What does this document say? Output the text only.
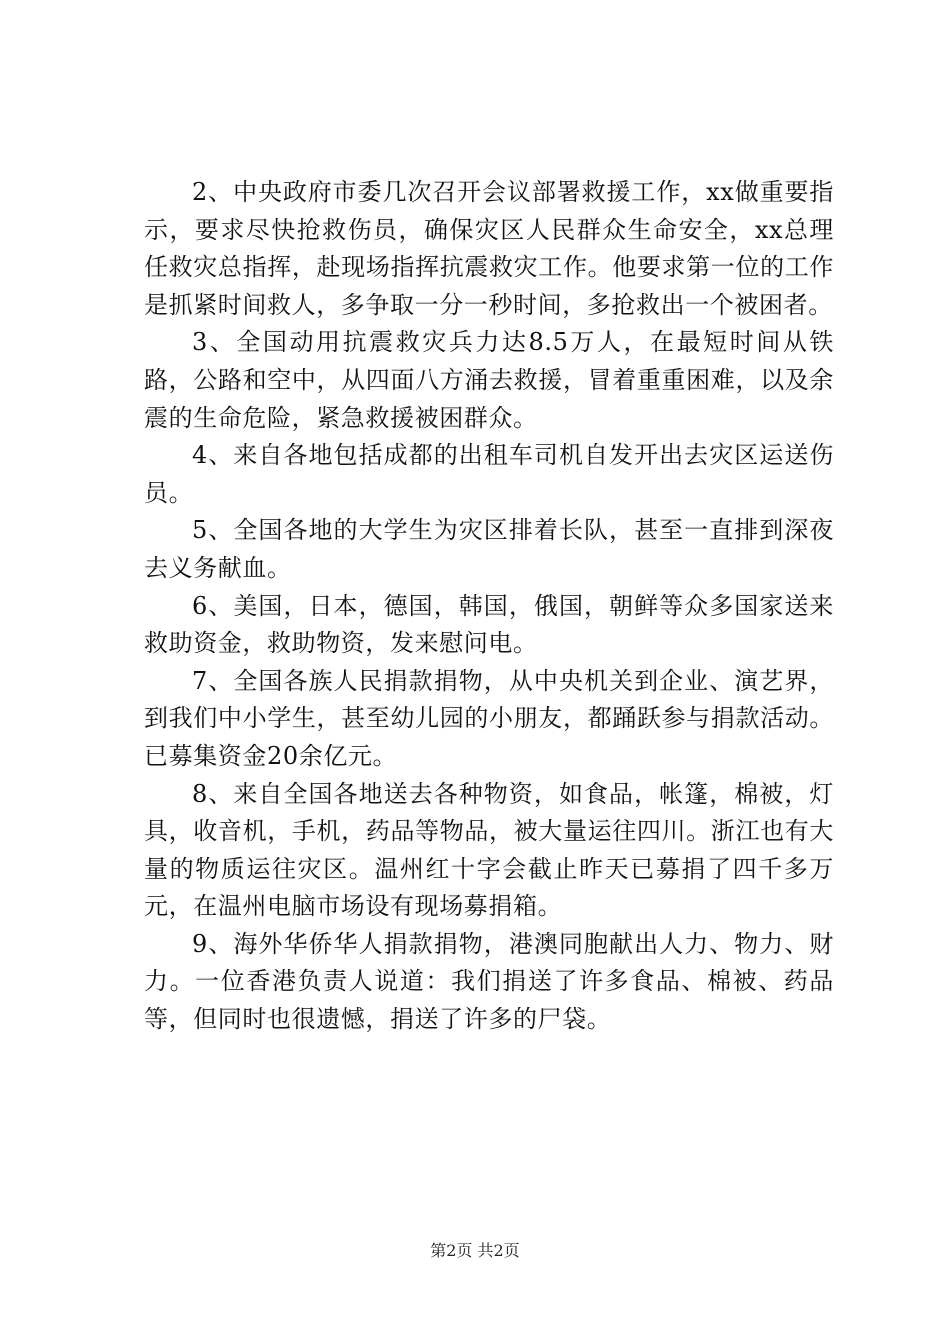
2、中央政府市委几次召开会议部署救援工作，xx做重要指示，要求尽快抢救伤员，确保灾区人民群众生命安全，xx总理任救灾总指挥，赴现场指挥抗震救灾工作。他要求第一位的工作是抓紧时间救人，多争取一分一秒时间，多抢救出一个被困者。

3、全国动用抗震救灾兵力达8.5万人，在最短时间从铁路，公路和空中，从四面八方涌去救援，冒着重重困难，以及余震的生命危险，紧急救援被困群众。

4、来自各地包括成都的出租车司机自发开出去灾区运送伤员。

5、全国各地的大学生为灾区排着长队，甚至一直排到深夜去义务献血。

6、美国，日本，德国，韩国，俄国，朝鲜等众多国家送来救助资金，救助物资，发来慰问电。

7、全国各族人民捐款捐物，从中央机关到企业、演艺界，到我们中小学生，甚至幼儿园的小朋友，都踊跃参与捐款活动。已募集资金20余亿元。

8、来自全国各地送去各种物资，如食品，帐篷，棉被，灯具，收音机，手机，药品等物品，被大量运往四川。浙江也有大量的物质运往灾区。温州红十字会截止昨天已募捐了四千多万元，在温州电脑市场设有现场募捐箱。

9、海外华侨华人捐款捐物，港澳同胞献出人力、物力、财力。一位香港负责人说道：我们捐送了许多食品、棉被、药品等，但同时也很遗憾，捐送了许多的尸袋。

第2页 共2页
